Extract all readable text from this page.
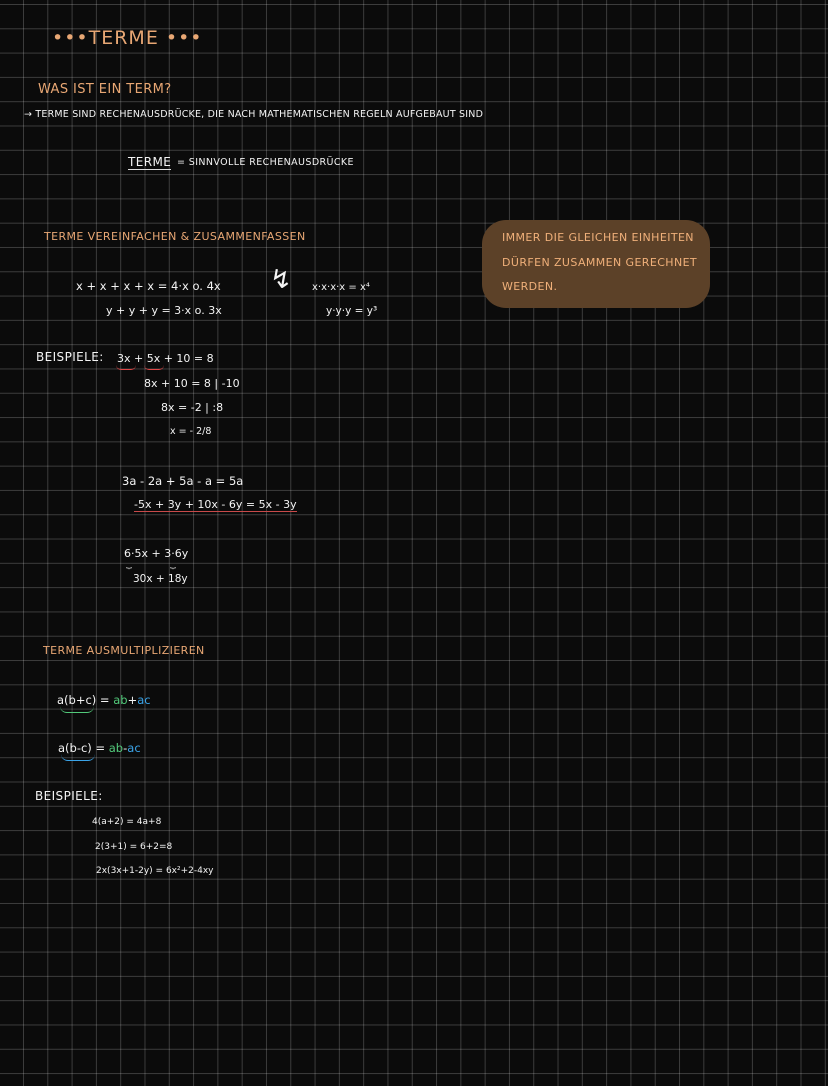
•••TERME •••
WAS IST EIN TERM?
→ TERME SIND RECHENAUSDRÜCKE, DIE NACH MATHEMATISCHEN REGELN AUFGEBAUT SIND
TERME = SINNVOLLE RECHENAUSDRÜCKE
TERME VEREINFACHEN & ZUSAMMENFASSEN
x + x + x + x = 4·x o. 4x
y + y + y = 3·x o. 3x
↯ x·x·x·x = x⁴
y·y·y = y³
IMMER DIE GLEICHEN EINHEITEN
DÜRFEN ZUSAMMEN GERECHNET
WERDEN.
BEISPIELE: 3x + 5x + 10 = 8
8x + 10 = 8 | -10
8x = -2 | :8
x = - 2/8
3a - 2a + 5a - a = 5a
-5x + 3y + 10x - 6y = 5x - 3y
6·5x + 3·6y
⏟	⏟
30x + 18y
TERME AUSMULTIPLIZIEREN
a(b+c) = ab+ac
a(b-c) = ab-ac
BEISPIELE:
4(a+2) = 4a+8
2(3+1) = 6+2=8
2x(3x+1-2y) = 6x²+2-4xy
